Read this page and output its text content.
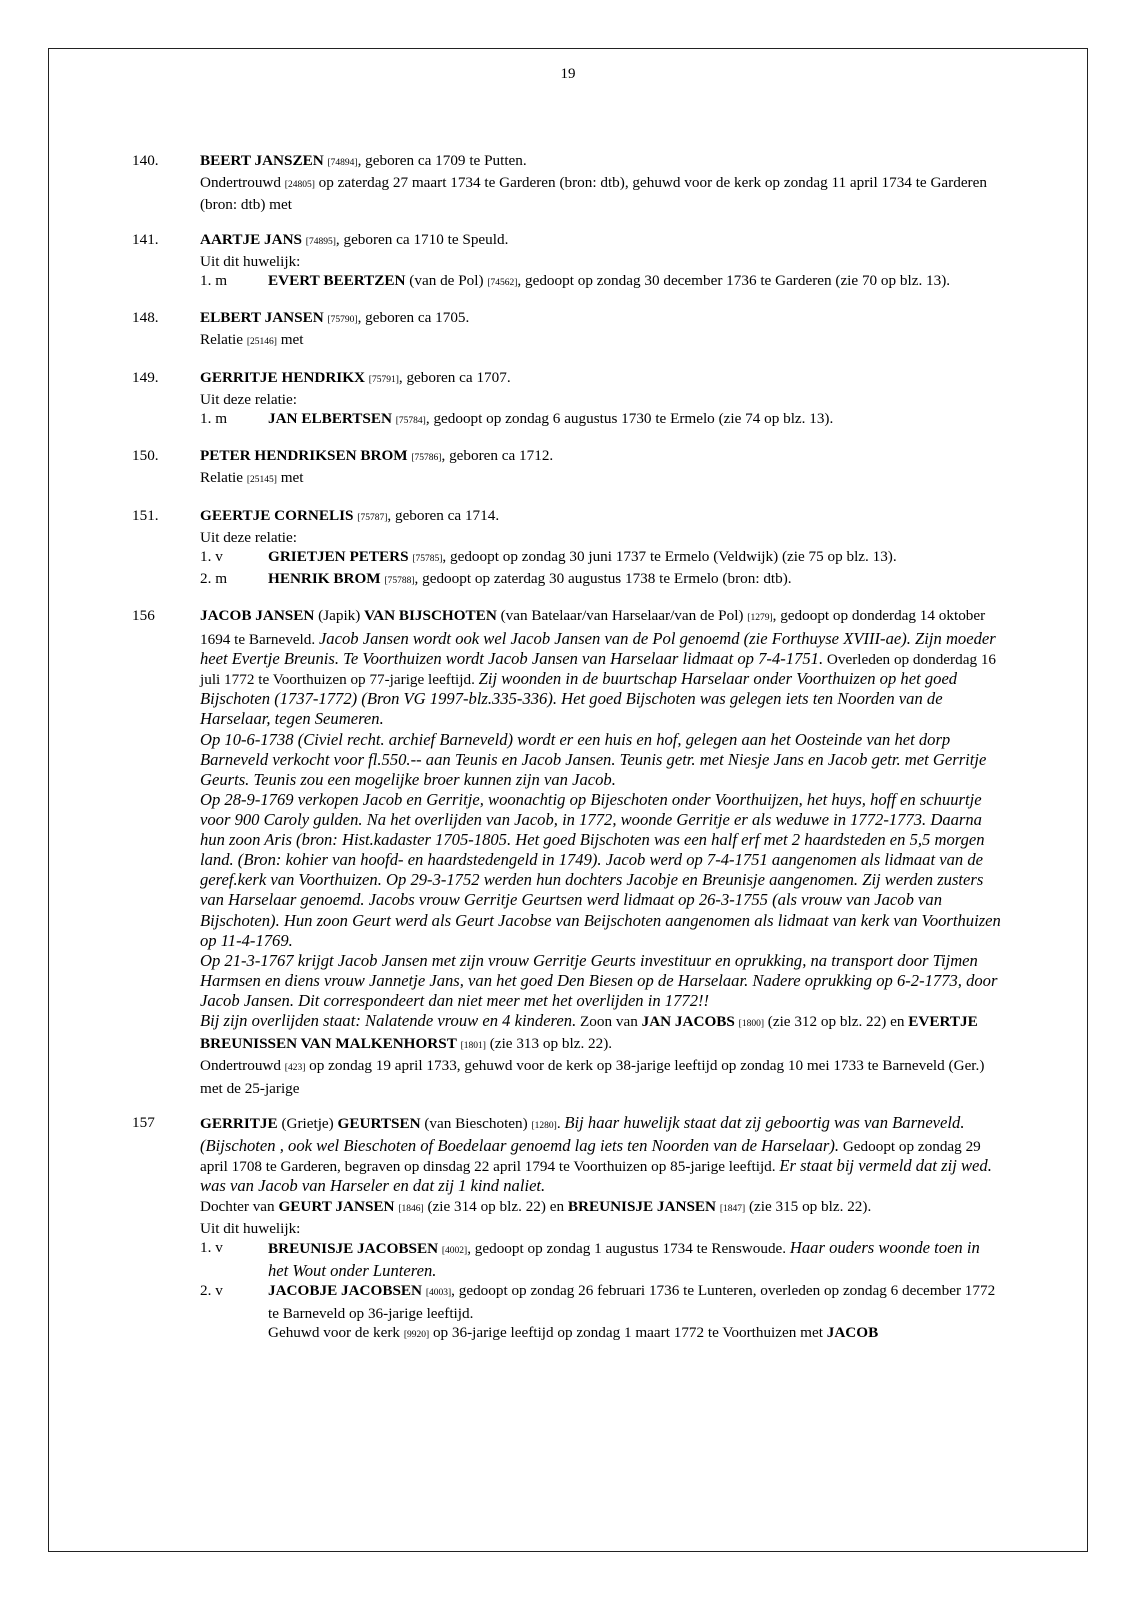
19
140.	BEERT JANSZEN [74894], geboren ca 1709 te Putten.
Ondertrouwd [24805] op zaterdag 27 maart 1734 te Garderen (bron: dtb), gehuwd voor de kerk op zondag 11 april 1734 te Garderen (bron: dtb) met
141.	AARTJE JANS [74895], geboren ca 1710 te Speuld.
Uit dit huwelijk:
1. m	EVERT BEERTZEN (van de Pol) [74562], gedoopt op zondag 30 december 1736 te Garderen (zie 70 op blz. 13).
148.	ELBERT JANSEN [75790], geboren ca 1705.
Relatie [25146] met
149.	GERRITJE HENDRIKX [75791], geboren ca 1707.
Uit deze relatie:
1. m	JAN ELBERTSEN [75784], gedoopt op zondag 6 augustus 1730 te Ermelo (zie 74 op blz. 13).
150.	PETER HENDRIKSEN BROM [75786], geboren ca 1712.
Relatie [25145] met
151.	GEERTJE CORNELIS [75787], geboren ca 1714.
Uit deze relatie:
1. v	GRIETJEN PETERS [75785], gedoopt op zondag 30 juni 1737 te Ermelo (Veldwijk) (zie 75 op blz. 13).
2. m	HENRIK BROM [75788], gedoopt op zaterdag 30 augustus 1738 te Ermelo (bron: dtb).
156	JACOB JANSEN (Japik) VAN BIJSCHOTEN (van Batelaar/van Harselaar/van de Pol) [1279], gedoopt op donderdag 14 oktober 1694 te Barneveld. Jacob Jansen wordt ook wel Jacob Jansen van de Pol genoemd (zie Forthuyse XVIII-ae). Zijn moeder heet Evertje Breunis. Te Voorthuizen wordt Jacob Jansen van Harselaar lidmaat op 7-4-1751. Overleden op donderdag 16 juli 1772 te Voorthuizen op 77-jarige leeftijd. Zij woonden in de buurtschap Harselaar onder Voorthuizen op het goed Bijschoten (1737-1772) (Bron VG 1997-blz.335-336). Het goed Bijschoten was gelegen iets ten Noorden van de Harselaar, tegen Seumeren.
Op 10-6-1738 (Civiel recht. archief Barneveld) wordt er een huis en hof, gelegen aan het Oosteinde van het dorp Barneveld verkocht voor fl.550.-- aan Teunis en Jacob Jansen. Teunis getr. met Niesje Jans en Jacob getr. met Gerritje Geurts. Teunis zou een mogelijke broer kunnen zijn van Jacob.
Op 28-9-1769 verkopen Jacob en Gerritje, woonachtig op Bijeschoten onder Voorthuijzen, het huys, hoff en schuurtje voor 900 Caroly gulden. Na het overlijden van Jacob, in 1772, woonde Gerritje er als weduwe in 1772-1773. Daarna hun zoon Aris (bron: Hist.kadaster 1705-1805. Het goed Bijschoten was een half erf met 2 haardsteden en 5,5 morgen land. (Bron: kohier van hoofd- en haardstedengeld in 1749). Jacob werd op 7-4-1751 aangenomen als lidmaat van de geref.kerk van Voorthuizen. Op 29-3-1752 werden hun dochters Jacobje en Breunisje aangenomen. Zij werden zusters van Harselaar genoemd. Jacobs vrouw Gerritje Geurtsen werd lidmaat op 26-3-1755 (als vrouw van Jacob van Bijschoten). Hun zoon Geurt werd als Geurt Jacobse van Beijschoten aangenomen als lidmaat van kerk van Voorthuizen op 11-4-1769.
Op 21-3-1767 krijgt Jacob Jansen met zijn vrouw Gerritje Geurts investituur en oprukking, na transport door Tijmen Harmsen en diens vrouw Jannetje Jans, van het goed Den Biesen op de Harselaar. Nadere oprukking op 6-2-1773, door Jacob Jansen. Dit correspondeert dan niet meer met het overlijden in 1772!!
Bij zijn overlijden staat: Nalatende vrouw en 4 kinderen. Zoon van JAN JACOBS [1800] (zie 312 op blz. 22) en EVERTJE BREUNISSEN VAN MALKENHORST [1801] (zie 313 op blz. 22).
Ondertrouwd [423] op zondag 19 april 1733, gehuwd voor de kerk op 38-jarige leeftijd op zondag 10 mei 1733 te Barneveld (Ger.) met de 25-jarige
157	GERRITJE (Grietje) GEURTSEN (van Bieschoten) [1280]. Bij haar huwelijk staat dat zij geboortig was van Barneveld. (Bijschoten , ook wel Bieschoten of Boedelaar genoemd lag iets ten Noorden van de Harselaar). Gedoopt op zondag 29 april 1708 te Garderen, begraven op dinsdag 22 april 1794 te Voorthuizen op 85-jarige leeftijd. Er staat bij vermeld dat zij wed. was van Jacob van Harseler en dat zij 1 kind naliet.
Dochter van GEURT JANSEN [1846] (zie 314 op blz. 22) en BREUNISJE JANSEN [1847] (zie 315 op blz. 22).
Uit dit huwelijk:
1. v	BREUNISJE JACOBSEN [4002], gedoopt op zondag 1 augustus 1734 te Renswoude. Haar ouders woonde toen in het Wout onder Lunteren.
2. v	JACOBJE JACOBSEN [4003], gedoopt op zondag 26 februari 1736 te Lunteren, overleden op zondag 6 december 1772 te Barneveld op 36-jarige leeftijd.
Gehuwd voor de kerk [9920] op 36-jarige leeftijd op zondag 1 maart 1772 te Voorthuizen met JACOB
